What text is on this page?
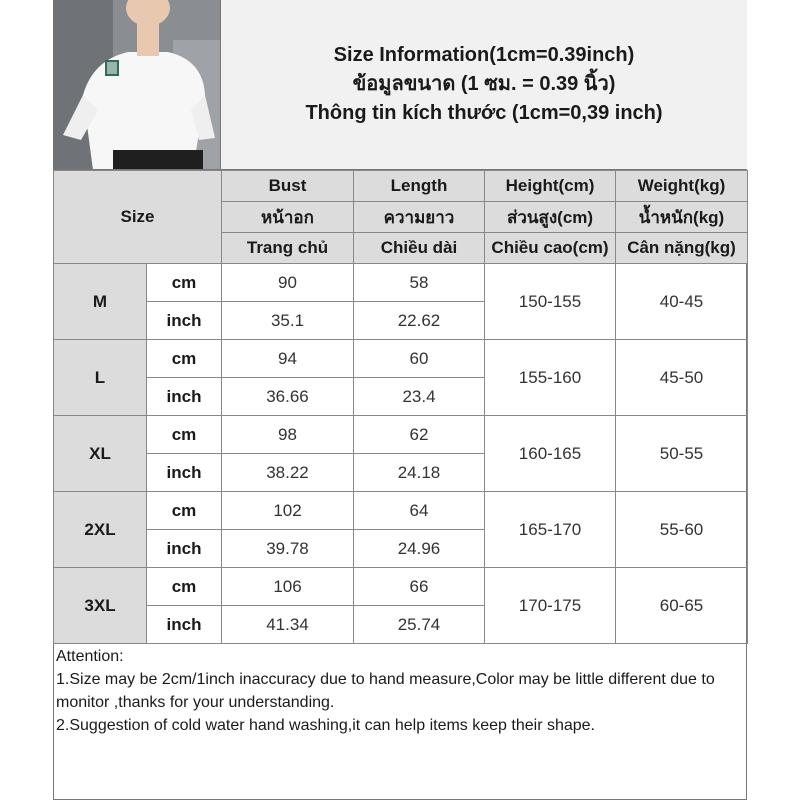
Size Information(1cm=0.39inch)
ข้อมูลขนาด (1 ซม. = 0.39 นิ้ว)
Thông tin kích thước (1cm=0,39 inch)
Size		Bust	Length	Height(cm)	Weight(kg)
		หน้าอก	ความยาว	ส่วนสูง(cm)	น้ำหนัก(kg)
		Trang chủ	Chiều dài	Chiều cao(cm)	Cân nặng(kg)
M	cm	90	58	150-155	40-45
	inch	35.1	22.62		
L	cm	94	60	155-160	45-50
	inch	36.66	23.4		
XL	cm	98	62	160-165	50-55
	inch	38.22	24.18		
2XL	cm	102	64	165-170	55-60
	inch	39.78	24.96		
3XL	cm	106	66	170-175	60-65
	inch	41.34	25.74		
Attention:
1.Size may be 2cm/1inch inaccuracy due to hand measure,Color may be little different due to monitor ,thanks for your understanding.
2.Suggestion of cold water hand washing,it can help items keep their shape.
